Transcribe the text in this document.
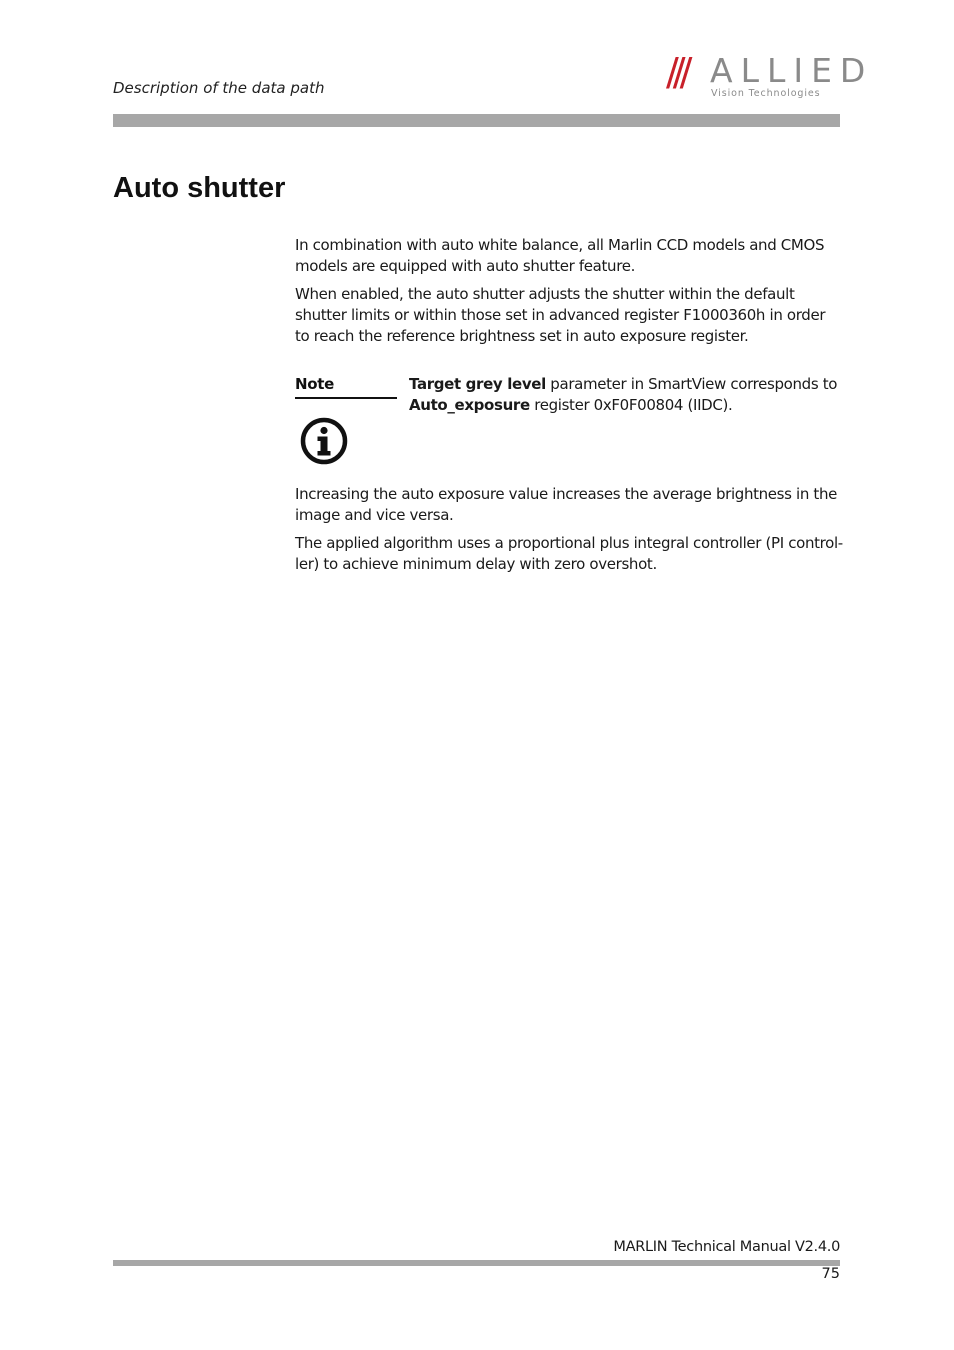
Description of the data path	/// ALLIED
Vision Technologies
Auto shutter

In combination with auto white balance, all Marlin CCD models and CMOS models are equipped with auto shutter feature.

When enabled, the auto shutter adjusts the shutter within the default shutter limits or within those set in advanced register F1000360h in order to reach the reference brightness set in auto exposure register.

Note	Target grey level parameter in SmartView corresponds to Auto_exposure register 0xF0F00804 (IIDC).

Increasing the auto exposure value increases the average brightness in the image and vice versa.

The applied algorithm uses a proportional plus integral controller (PI control-ler) to achieve minimum delay with zero overshot.

MARLIN Technical Manual V2.4.0
75
